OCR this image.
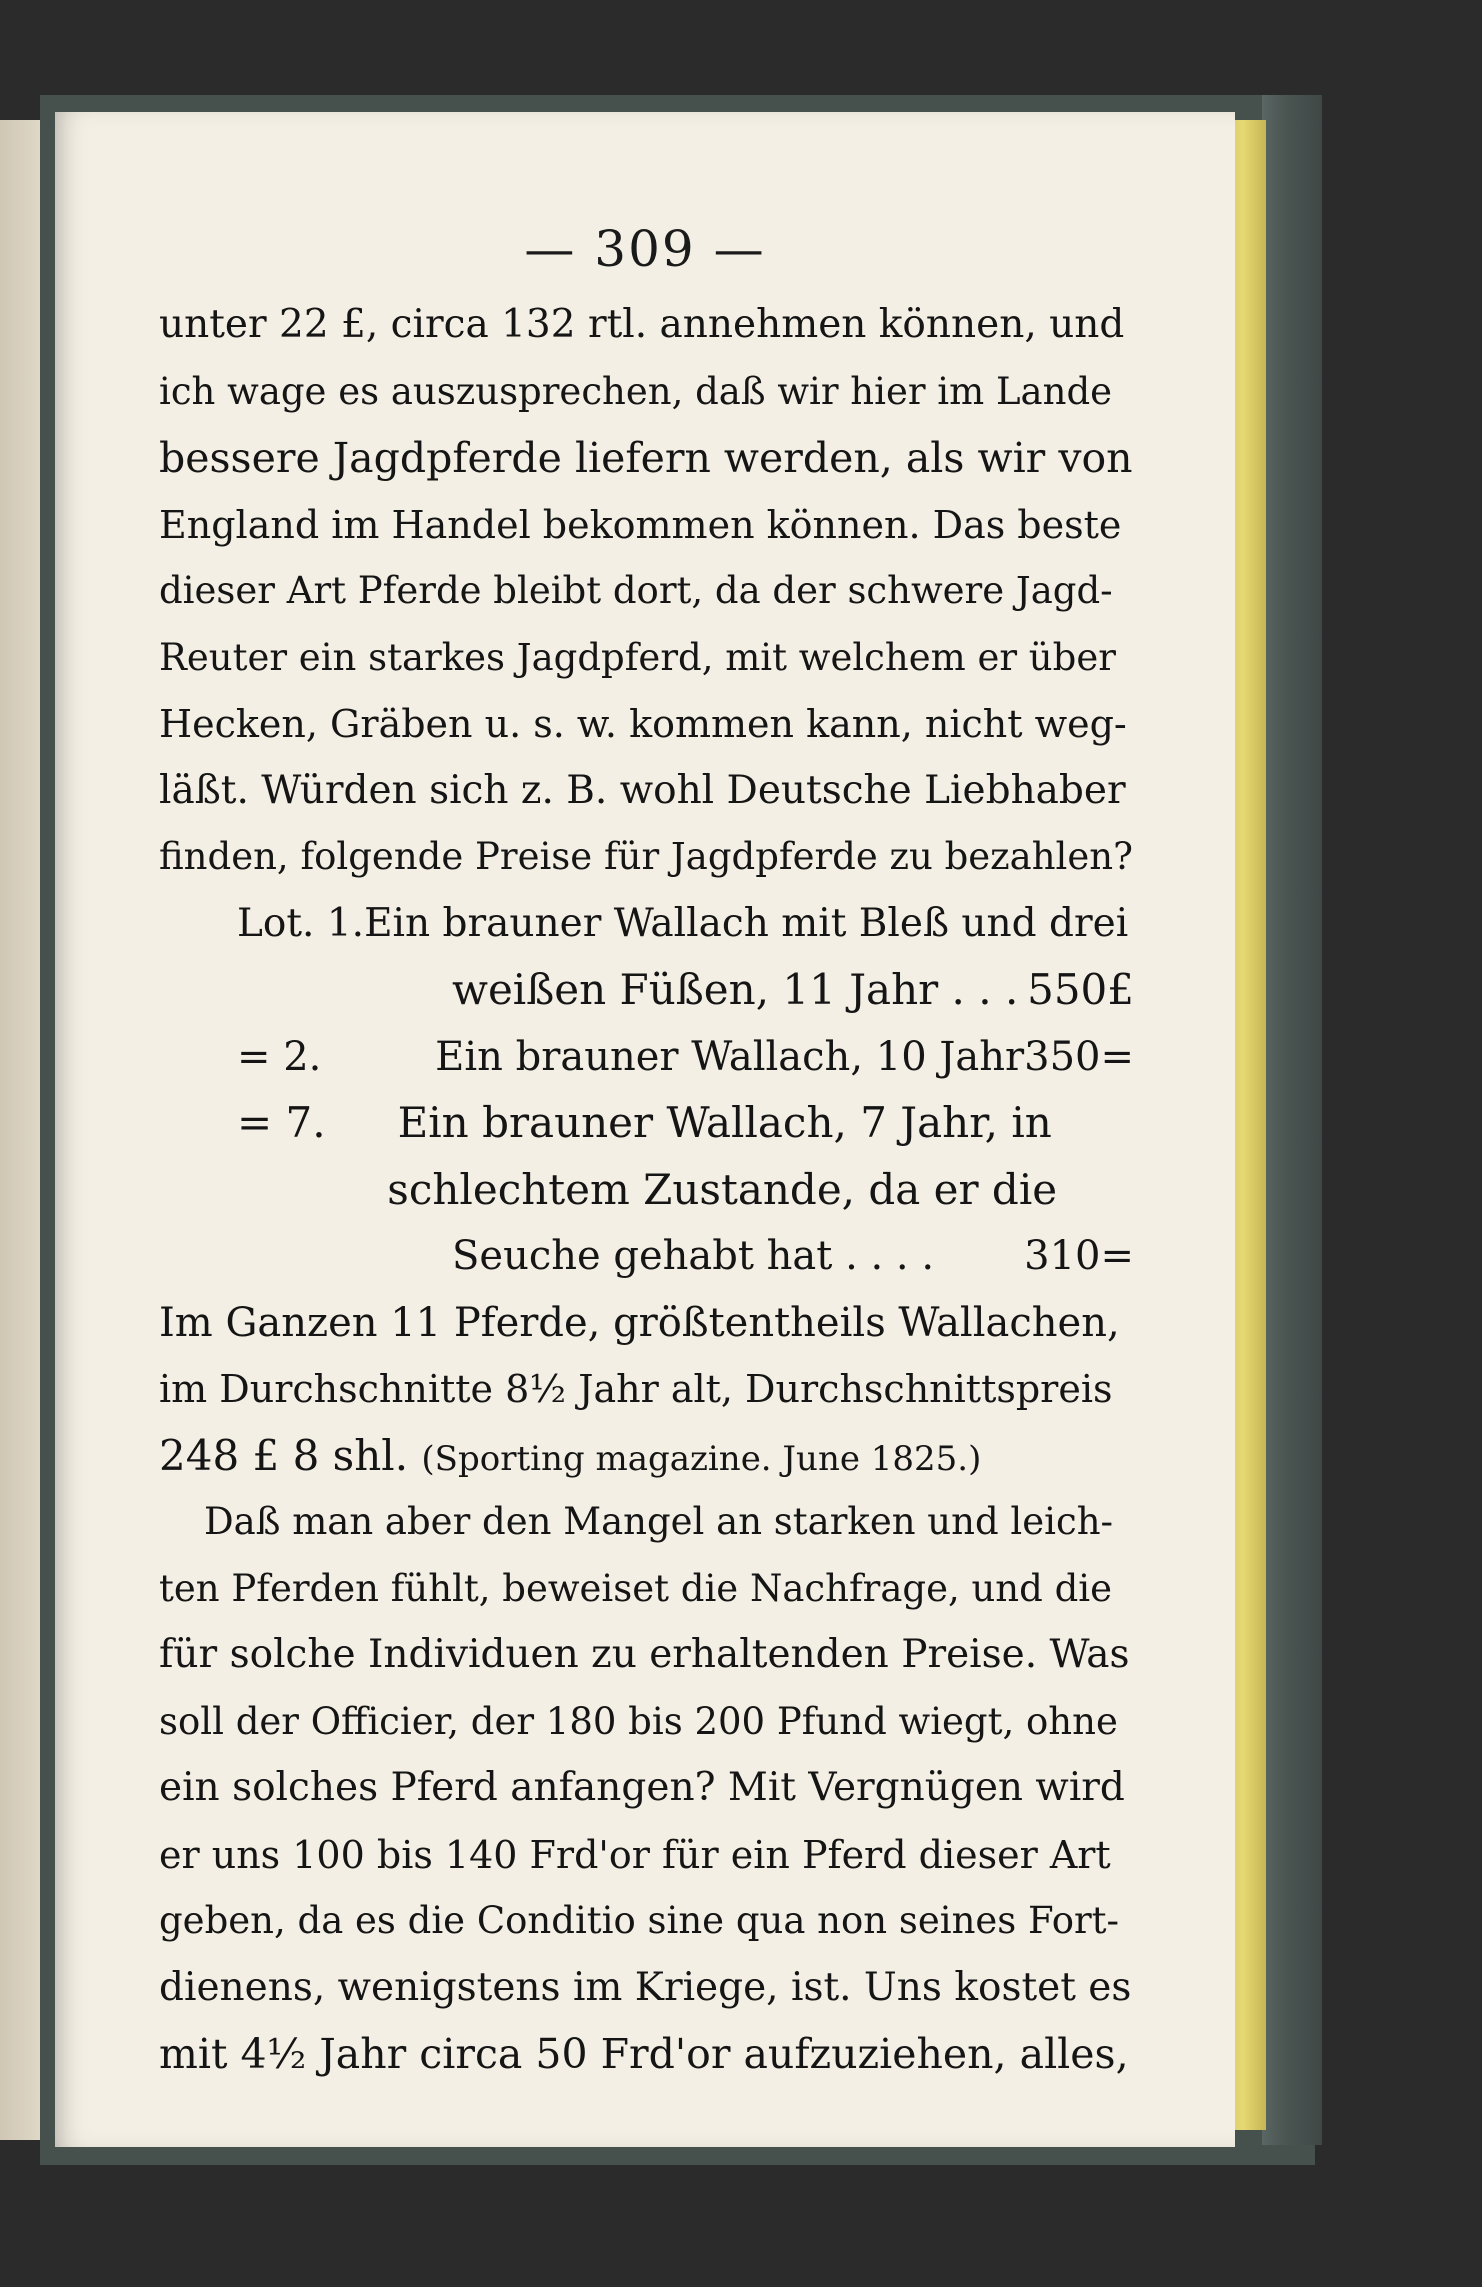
— 309 —
unter 22 £, circa 132 rtl. annehmen können, und
ich wage es auszusprechen, daß wir hier im Lande
bessere Jagdpferde liefern werden, als wir von
England im Handel bekommen können. Das beste
dieser Art Pferde bleibt dort, da der schwere Jagd-
Reuter ein starkes Jagdpferd, mit welchem er über
Hecken, Gräben u. s. w. kommen kann, nicht weg-
läßt. Würden sich z. B. wohl Deutsche Liebhaber
finden, folgende Preise für Jagdpferde zu bezahlen?
Lot. 1. Ein brauner Wallach mit Bleß und drei
weißen Füßen, 11 Jahr . . . 550£
= 2.	Ein brauner Wallach, 10 Jahr 350=
= 7.	Ein brauner Wallach, 7 Jahr, in
schlechtem Zustande, da er die
Seuche gehabt hat . . . .	310=
Im Ganzen 11 Pferde, größtentheils Wallachen,
im Durchschnitte 8½ Jahr alt, Durchschnittspreis
248 £ 8 shl.
(Sporting magazine. June 1825.)
Daß man aber den Mangel an starken und leich-
ten Pferden fühlt, beweiset die Nachfrage, und die
für solche Individuen zu erhaltenden Preise. Was
soll der Officier, der 180 bis 200 Pfund wiegt, ohne
ein solches Pferd anfangen? Mit Vergnügen wird
er uns 100 bis 140 Frd'or für ein Pferd dieser Art
geben, da es die Conditio sine qua non seines Fort-
dienens, wenigstens im Kriege, ist. Uns kostet es
mit 4½ Jahr circa 50 Frd'or aufzuziehen, alles,
